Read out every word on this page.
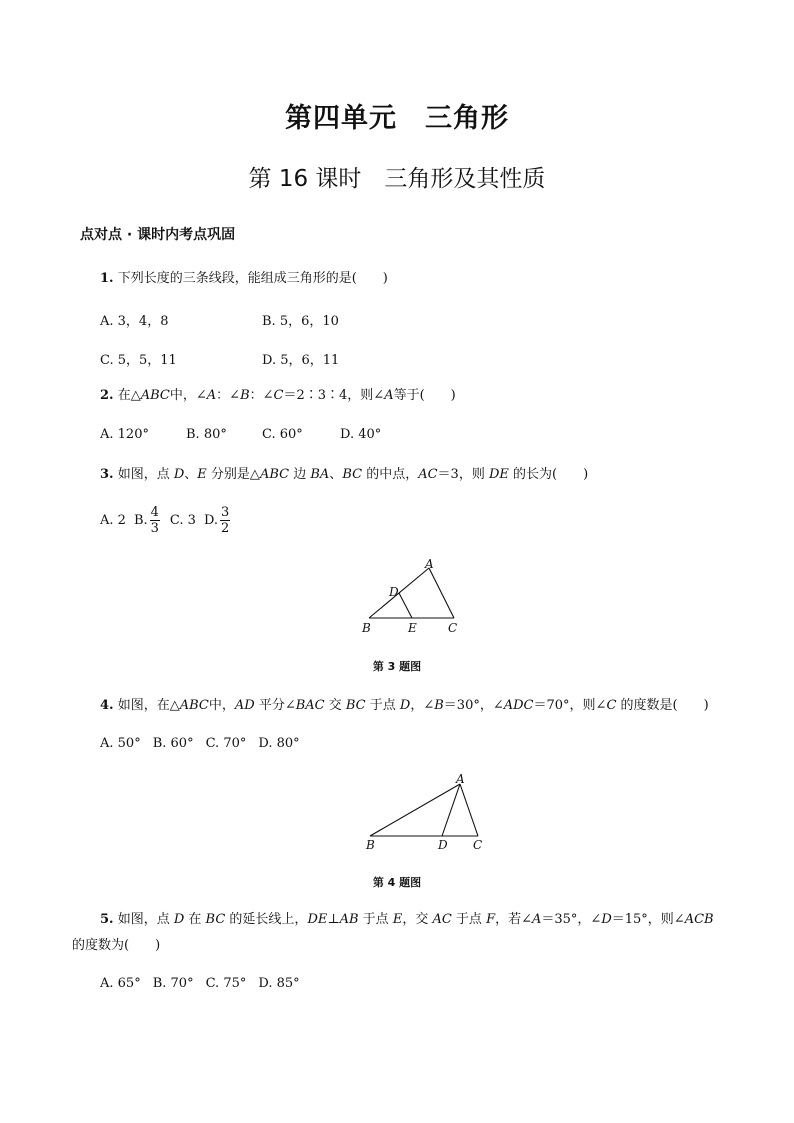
第四单元　三角形
第 16 课时　三角形及其性质
点对点 · 课时内考点巩固
1. 下列长度的三条线段，能组成三角形的是(　　)
A. 3，4，8	B. 5，6，10
C. 5，5，11	D. 5，6，11
2. 在△ABC中，∠A：∠B：∠C＝2∶3∶4，则∠A等于(　　)
A. 120°	B. 80°	C. 60°	D. 40°
3. 如图，点 D、E 分别是△ABC 边 BA、BC 的中点，AC＝3，则 DE 的长为(　　)
A. 2 B. $\frac{4}{3} C$. 3 D. $\frac{3}{2}$
A
D
B	E	C
第 3 题图
4. 如图，在△ABC中，AD 平分∠BAC 交 BC 于点 D，∠B＝30°，∠ADC＝70°，则∠C 的度数是(　　)
A. 50° B. 60° C. 70° D. 80°
A
B	D C
第 4 题图
5. 如图，点 D 在 BC 的延长线上，DE⊥AB 于点 E，交 AC 于点 F，若∠A＝35°，∠D＝15°，则∠ACB
的度数为(　　)
A. 65° B. 70° C. 75° D. 85°
